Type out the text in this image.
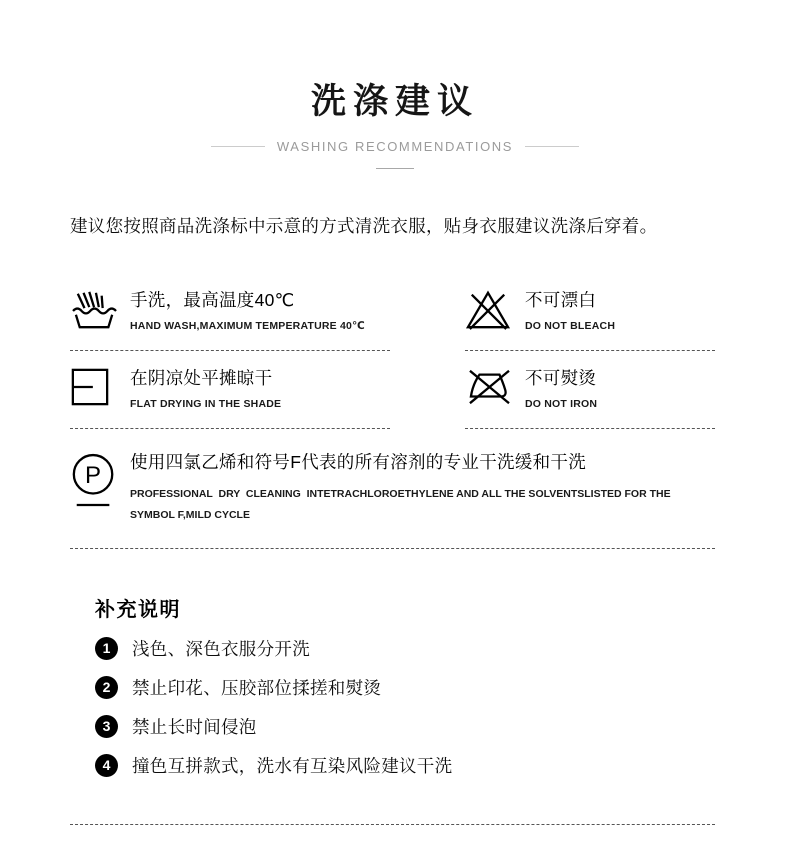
洗涤建议
WASHING RECOMMENDATIONS

建议您按照商品洗涤标中示意的方式清洗衣服，贴身衣服建议洗涤后穿着。

手洗，最高温度40℃
HAND WASH,MAXIMUM TEMPERATURE 40℃
不可漂白
DO NOT BLEACH
在阴凉处平摊晾干
FLAT DRYING IN THE SHADE
不可熨烫
DO NOT IRON
P 使用四氯乙烯和符号F代表的所有溶剂的专业干洗缓和干洗
PROFESSIONAL  DRY  CLEANING  INTETRACHLOROETHYLENE AND ALL THE SOLVENTSLISTED FOR THE SYMBOL F,MILD CYCLE
补充说明
1	浅色、深色衣服分开洗
2	禁止印花、压胶部位揉搓和熨烫
3	禁止长时间侵泡
4	撞色互拼款式，洗水有互染风险建议干洗
